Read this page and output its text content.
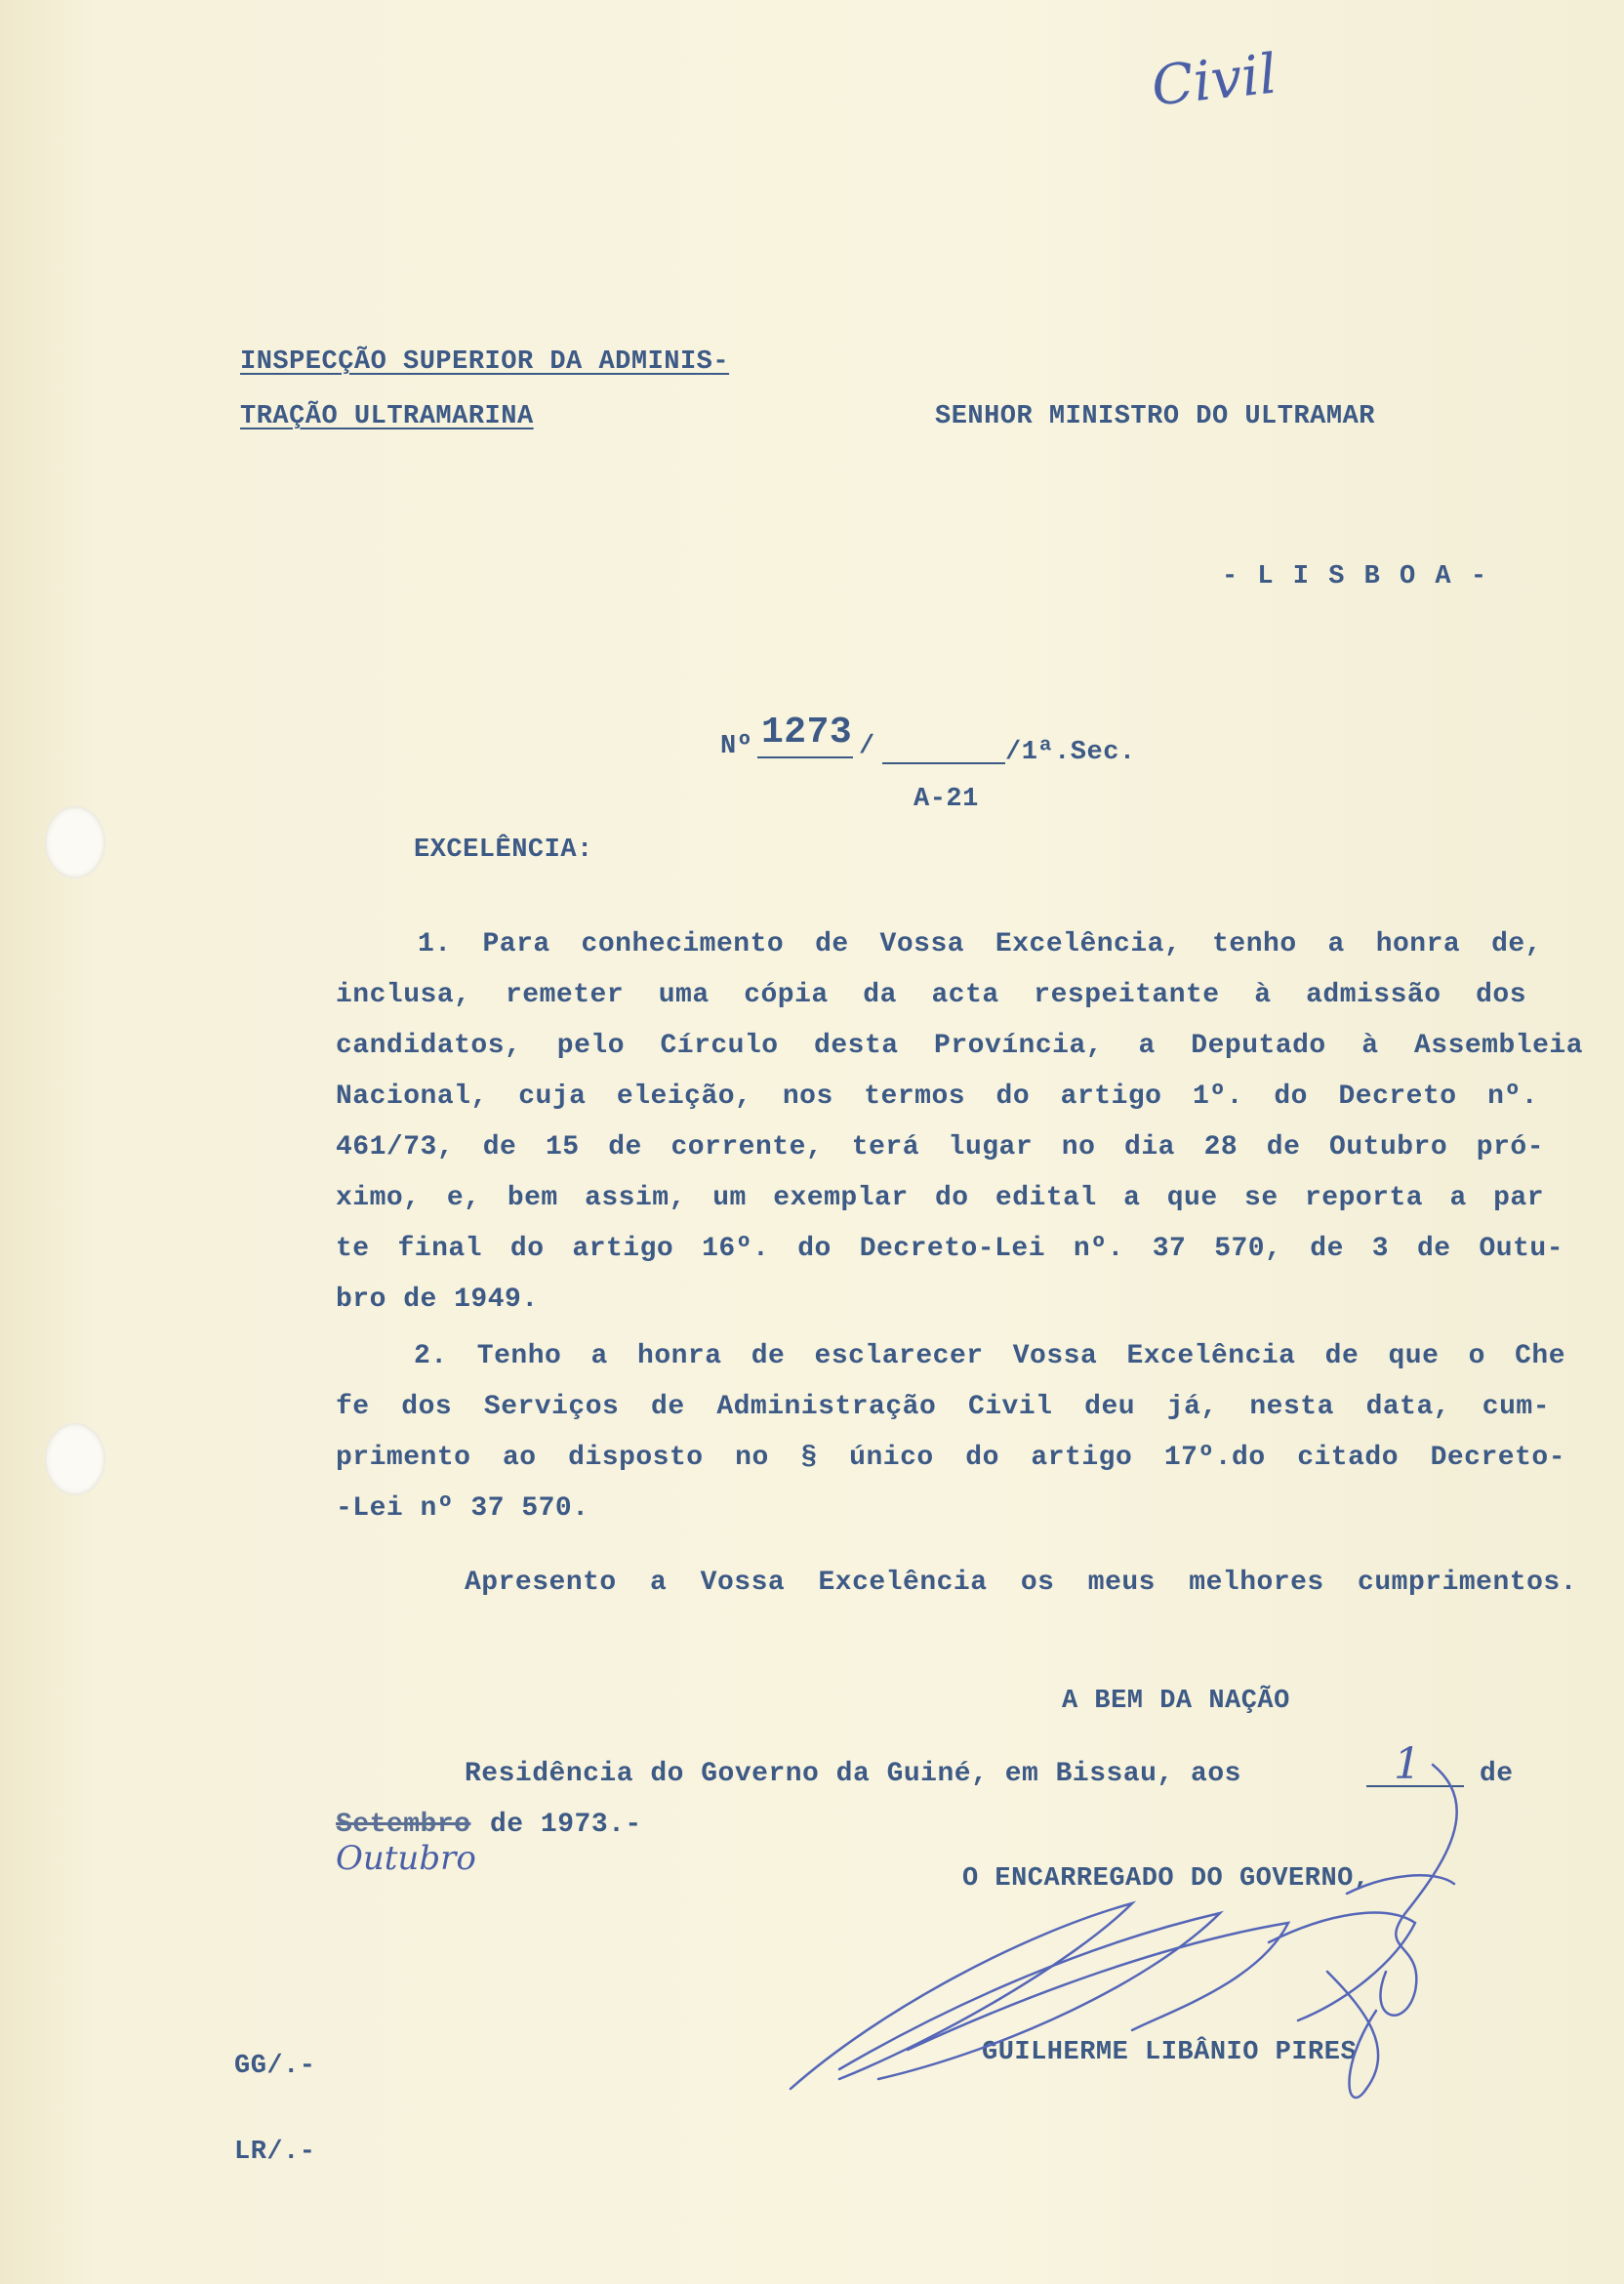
Civil
INSPECÇÃO SUPERIOR DA ADMINIS-
TRAÇÃO ULTRAMARINA	SENHOR MINISTRO DO ULTRAMAR
- L I S B O A -
Nº 1273 /	/1ª.Sec.
A-21
EXCELÊNCIA:
1. Para conhecimento de Vossa Excelência, tenho a honra de,
inclusa, remeter uma cópia da acta respeitante à admissão dos
candidatos, pelo Círculo desta Província, a Deputado à Assembleia
Nacional, cuja eleição, nos termos do artigo 1º. do Decreto nº.
461/73, de 15 de corrente, terá lugar no dia 28 de Outubro pró-
ximo, e, bem assim, um exemplar do edital a que se reporta a par
te final do artigo 16º. do Decreto-Lei nº. 37 570, de 3 de Outu-
bro de 1949.
2. Tenho a honra de esclarecer Vossa Excelência de que o Che
fe dos Serviços de Administração Civil deu já, nesta data, cum-
primento ao disposto no § único do artigo 17º.do citado Decreto-
-Lei nº 37 570.
Apresento a Vossa Excelência os meus melhores cumprimentos.
A BEM DA NAÇÃO
Residência do Governo da Guiné, em Bissau, aos	1 de
Setembro de 1973.-
Outubro
O ENCARREGADO DO GOVERNO,
GUILHERME LIBÂNIO PIRES
GG/.-
LR/.-
